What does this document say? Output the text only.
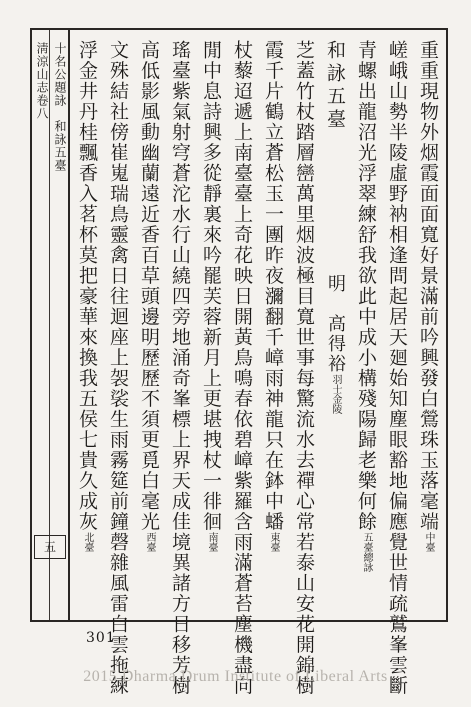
淸涼山志卷八 十名公題詠　和詠五臺
五
重重現物外烟霞面面寬好景滿前吟興發白鶯珠玉落毫端中臺
嵯峨山勢半陵虛野衲相逢問起居天廻始知塵眼豁地偏應覺世情疏鷲峯雲斷
青螺出龍沼光浮翠練舒我欲此中成小構殘陽歸老樂何餘五臺總詠
和詠五臺
明　高得裕羽士金陵
芝蓋竹杖踏層巒萬里烟波極目寬世事每驚流水去禪心常若泰山安花開錦樹
霞千片鶴立蒼松玉一團昨夜瀰翻千嶂雨神龍只在鉢中蟠東臺
杖藜迢遞上南臺臺上奇花映日開黃鳥鳴春依碧嶂紫羅含雨滿蒼苔塵機盡向
閒中息詩興多從靜裏來吟罷芙蓉新月上更堪拽杖一徘徊南臺
瑤臺紫氣射穹蒼沱水行山繞四旁地涌奇峯標上界天成佳境異諸方日移芳樹
高低影風動幽蘭遠近香百草頭邊明歷歷不須更覓白毫光西臺
文殊結社傍崔嵬瑞鳥靈禽日往迴座上袈裟生雨霧筵前鐘磬雜風雷白雲拖練
浮金井丹桂飄香入茗杯莫把豪華來換我五侯七貴久成灰北臺
301
2015 Dharma Drum Institute of Liberal Arts
